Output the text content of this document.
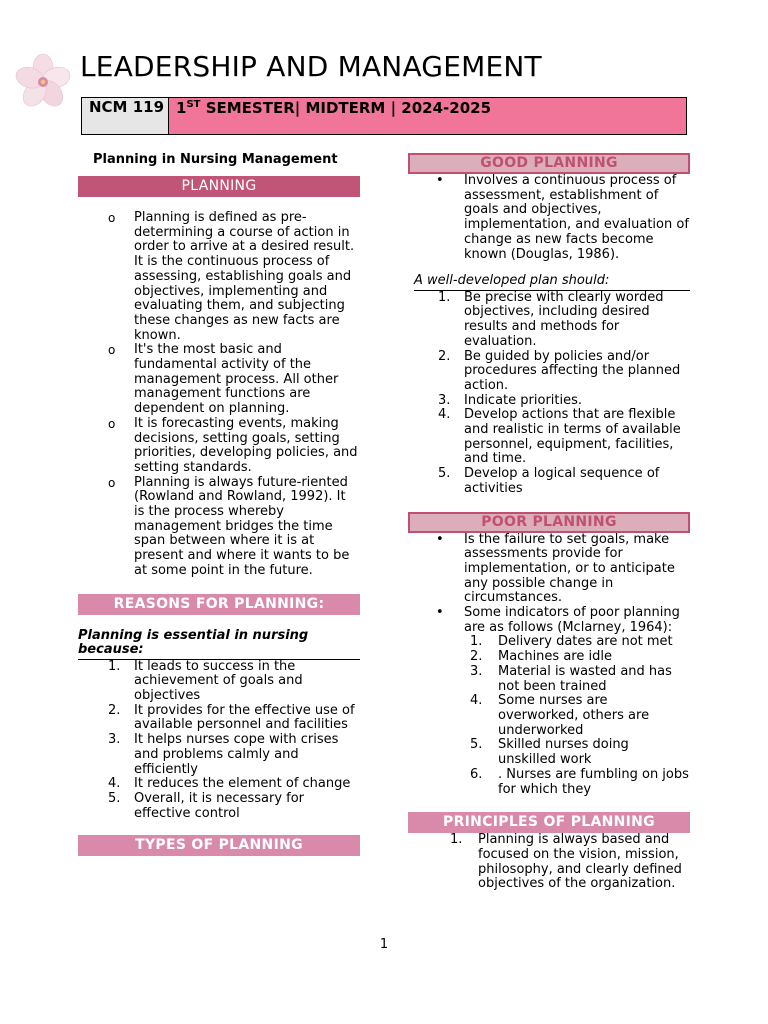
LEADERSHIP AND MANAGEMENT
NCM 119 1ST SEMESTER| MIDTERM | 2024-2025
Planning in Nursing Management
PLANNING
o Planning is defined as pre-determining a course of action in order to arrive at a desired result. It is the continuous process of assessing, establishing goals and objectives, implementing and evaluating them, and subjecting these changes as new facts are known.
o It's the most basic and fundamental activity of the management process. All other management functions are dependent on planning.
o It is forecasting events, making decisions, setting goals, setting priorities, developing policies, and setting standards.
o Planning is always future-riented (Rowland and Rowland, 1992). It is the process whereby management bridges the time span between where it is at present and where it wants to be at some point in the future.
REASONS FOR PLANNING:
Planning is essential in nursing because:
1. It leads to success in the achievement of goals and objectives
2. It provides for the effective use of available personnel and facilities
3. It helps nurses cope with crises and problems calmly and efficiently
4. It reduces the element of change
5. Overall, it is necessary for effective control
TYPES OF PLANNING
GOOD PLANNING
• Involves a continuous process of assessment, establishment of goals and objectives, implementation, and evaluation of change as new facts become known (Douglas, 1986).
A well-developed plan should:
1. Be precise with clearly worded objectives, including desired results and methods for evaluation.
2. Be guided by policies and/or procedures affecting the planned action.
3. Indicate priorities.
4. Develop actions that are flexible and realistic in terms of available personnel, equipment, facilities, and time.
5. Develop a logical sequence of activities
POOR PLANNING
• Is the failure to set goals, make assessments provide for implementation, or to anticipate any possible change in circumstances.
• Some indicators of poor planning are as follows (Mclarney, 1964):
1. Delivery dates are not met
2. Machines are idle
3. Material is wasted and has not been trained
4. Some nurses are overworked, others are underworked
5. Skilled nurses doing unskilled work
6. . Nurses are fumbling on jobs for which they
PRINCIPLES OF PLANNING
1. Planning is always based and focused on the vision, mission, philosophy, and clearly defined objectives of the organization.
1
